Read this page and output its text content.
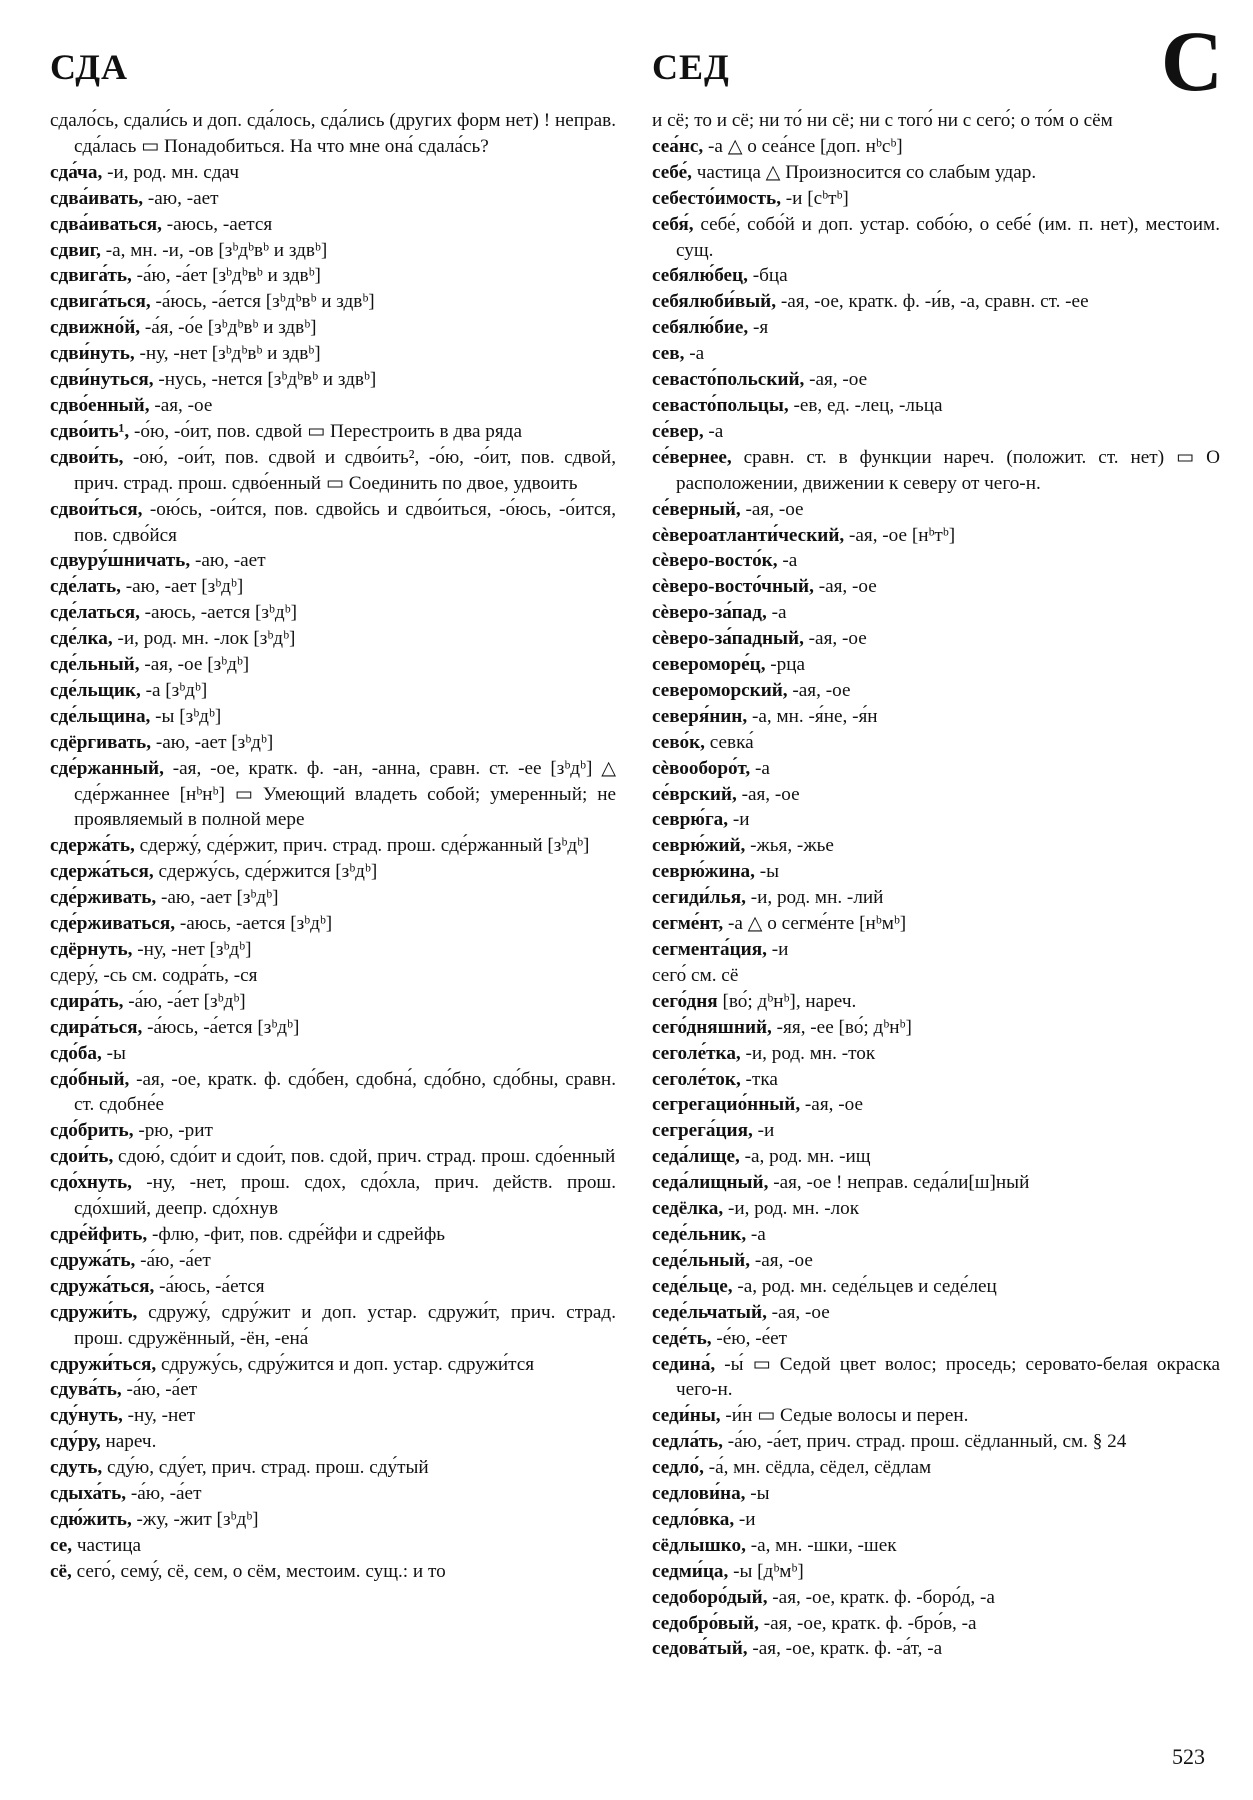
СДА	СЕД	С
сдало́сь, сдали́сь и доп. сда́лось, сда́лись (других форм нет) ! неправ. сда́лась ▭ Понадобиться. На что мне она́ сдала́сь?
сда́ча, -и, род. мн. сдач
сдва́ивать, -аю, -ает
сдва́иваться, -аюсь, -ается
сдвиг, -а, мн. -и, -ов [зᵇдᵇвᵇ и здвᵇ]
сдвига́ть, -а́ю, -а́ет [зᵇдᵇвᵇ и здвᵇ]
сдвига́ться, -а́юсь, -а́ется [зᵇдᵇвᵇ и здвᵇ]
сдвижно́й, -а́я, -о́е [зᵇдᵇвᵇ и здвᵇ]
сдви́нуть, -ну, -нет [зᵇдᵇвᵇ и здвᵇ]
сдви́нуться, -нусь, -нется [зᵇдᵇвᵇ и здвᵇ]
сдво́енный, -ая, -ое
сдво́ить¹, -о́ю, -о́ит, пов. сдвой ▭ Перестроить в два ряда
сдвои́ть, -ою́, -ои́т, пов. сдвой и сдво́ить², -о́ю, -о́ит, пов. сдвой, прич. страд. прош. сдво́енный ▭ Соединить по двое, удвоить
сдвои́ться, -ою́сь, -ои́тся, пов. сдвойсь и сдво́иться, -о́юсь, -о́ится, пов. сдво́йся
сдвуру́шничать, -аю, -ает
сде́лать, -аю, -ает [зᵇдᵇ]
сде́латься, -аюсь, -ается [зᵇдᵇ]
сде́лка, -и, род. мн. -лок [зᵇдᵇ]
сде́льный, -ая, -ое [зᵇдᵇ]
сде́льщик, -а [зᵇдᵇ]
сде́льщина, -ы [зᵇдᵇ]
сдёргивать, -аю, -ает [зᵇдᵇ]
сде́ржанный, -ая, -ое, кратк. ф. -ан, -анна, сравн. ст. -ее [зᵇдᵇ] △ сде́ржаннее [нᵇнᵇ] ▭ Умеющий владеть собой; умеренный; не проявляемый в полной мере
сдержа́ть, сдержу́, сде́ржит, прич. страд. прош. сде́ржанный [зᵇдᵇ]
сдержа́ться, сдержу́сь, сде́ржится [зᵇдᵇ]
сде́рживать, -аю, -ает [зᵇдᵇ]
сде́рживаться, -аюсь, -ается [зᵇдᵇ]
сдёрнуть, -ну, -нет [зᵇдᵇ]
сдеру́, -сь см. содра́ть, -ся
сдира́ть, -а́ю, -а́ет [зᵇдᵇ]
сдира́ться, -а́юсь, -а́ется [зᵇдᵇ]
сдо́ба, -ы
сдо́бный, -ая, -ое, кратк. ф. сдо́бен, сдобна́, сдо́бно, сдо́бны, сравн. ст. сдобне́е
сдо́брить, -рю, -рит
сдои́ть, сдою́, сдо́ит и сдои́т, пов. сдой, прич. страд. прош. сдо́енный
сдо́хнуть, -ну, -нет, прош. сдох, сдо́хла, прич. действ. прош. сдо́хший, деепр. сдо́хнув
сдре́йфить, -флю, -фит, пов. сдре́йфи и сдрейфь
сдружа́ть, -а́ю, -а́ет
сдружа́ться, -а́юсь, -а́ется
сдружи́ть, сдружу́, сдру́жит и доп. устар. сдружи́т, прич. страд. прош. сдружённый, -ён, -ена́
сдружи́ться, сдружу́сь, сдру́жится и доп. устар. сдружи́тся
сдува́ть, -а́ю, -а́ет
сду́нуть, -ну, -нет
сду́ру, нареч.
сдуть, сду́ю, сду́ет, прич. страд. прош. сду́тый
сдыха́ть, -а́ю, -а́ет
сдю́жить, -жу, -жит [зᵇдᵇ]
се, частица
сё, сего́, сему́, сё, сем, о сём, местоим. сущ.: и то
и сё; то и сё; ни то́ ни сё; ни с того́ ни с сего́; о то́м о сём
сеа́нс, -а △ о сеа́нсе [доп. нᵇсᵇ]
себе́, частица △ Произносится со слабым удар.
себесто́имость, -и [сᵇтᵇ]
себя́, себе́, собо́й и доп. устар. собо́ю, о себе́ (им. п. нет), местоим. сущ.
себялю́бец, -бца
себялюби́вый, -ая, -ое, кратк. ф. -и́в, -а, сравн. ст. -ее
себялю́бие, -я
сев, -а
севасто́польский, -ая, -ое
севасто́польцы, -ев, ед. -лец, -льца
се́вер, -а
се́вернее, сравн. ст. в функции нареч. (положит. ст. нет) ▭ О расположении, движении к северу от чего-н.
се́верный, -ая, -ое
сѐвероатланти́ческий, -ая, -ое [нᵇтᵇ]
сѐверо-восто́к, -а
сѐверо-восто́чный, -ая, -ое
сѐверо-за́пад, -а
сѐверо-за́падный, -ая, -ое
североморе́ц, -рца
североморский, -ая, -ое
северя́нин, -а, мн. -я́не, -я́н
сево́к, севка́
сѐвооборо́т, -а
се́врский, -ая, -ое
севрю́га, -и
севрю́жий, -жья, -жье
севрю́жина, -ы
сегиди́лья, -и, род. мн. -лий
сегме́нт, -а △ о сегме́нте [нᵇмᵇ]
сегмента́ция, -и
сего́ см. сё
сего́дня [во́; дᵇнᵇ], нареч.
сего́дняшний, -яя, -ее [во́; дᵇнᵇ]
сеголе́тка, -и, род. мн. -ток
сеголе́ток, -тка
сегрегацио́нный, -ая, -ое
сегрега́ция, -и
седа́лище, -а, род. мн. -ищ
седа́лищный, -ая, -ое ! неправ. седа́ли[ш]ный
седёлка, -и, род. мн. -лок
седе́льник, -а
седе́льный, -ая, -ое
седе́льце, -а, род. мн. седе́льцев и седе́лец
седе́льчатый, -ая, -ое
седе́ть, -е́ю, -е́ет
седина́, -ы́ ▭ Седой цвет волос; проседь; серовато-белая окраска чего-н.
седи́ны, -и́н ▭ Седые волосы и перен.
седла́ть, -а́ю, -а́ет, прич. страд. прош. сёдланный, см. § 24
седло́, -а́, мн. сёдла, сёдел, сёдлам
седлови́на, -ы
седло́вка, -и
сёдлышко, -а, мн. -шки, -шек
седми́ца, -ы [дᵇмᵇ]
седоборо́дый, -ая, -ое, кратк. ф. -боро́д, -а
седобро́вый, -ая, -ое, кратк. ф. -бро́в, -а
седова́тый, -ая, -ое, кратк. ф. -а́т, -а
523
